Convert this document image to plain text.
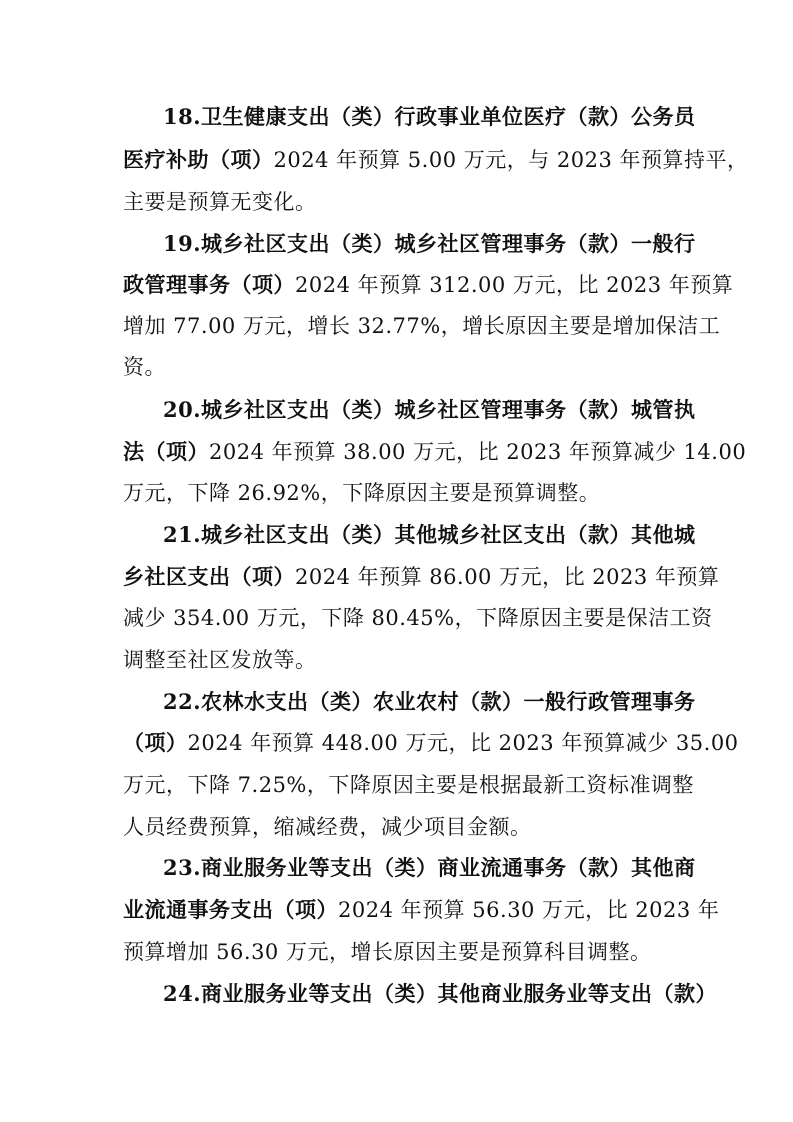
18.卫生健康支出（类）行政事业单位医疗（款）公务员
医疗补助（项）2024 年预算 5.00 万元，与 2023 年预算持平，
主要是预算无变化。
19.城乡社区支出（类）城乡社区管理事务（款）一般行
政管理事务（项）2024 年预算 312.00 万元，比 2023 年预算
增加 77.00 万元，增长 32.77%，增长原因主要是增加保洁工
资。
20.城乡社区支出（类）城乡社区管理事务（款）城管执
法（项）2024 年预算 38.00 万元，比 2023 年预算减少 14.00
万元，下降 26.92%，下降原因主要是预算调整。
21.城乡社区支出（类）其他城乡社区支出（款）其他城
乡社区支出（项）2024 年预算 86.00 万元，比 2023 年预算
减少 354.00 万元，下降 80.45%，下降原因主要是保洁工资
调整至社区发放等。
22.农林水支出（类）农业农村（款）一般行政管理事务
（项）2024 年预算 448.00 万元，比 2023 年预算减少 35.00
万元，下降 7.25%，下降原因主要是根据最新工资标准调整
人员经费预算，缩减经费，减少项目金额。
23.商业服务业等支出（类）商业流通事务（款）其他商
业流通事务支出（项）2024 年预算 56.30 万元，比 2023 年
预算增加 56.30 万元，增长原因主要是预算科目调整。
24.商业服务业等支出（类）其他商业服务业等支出（款）
